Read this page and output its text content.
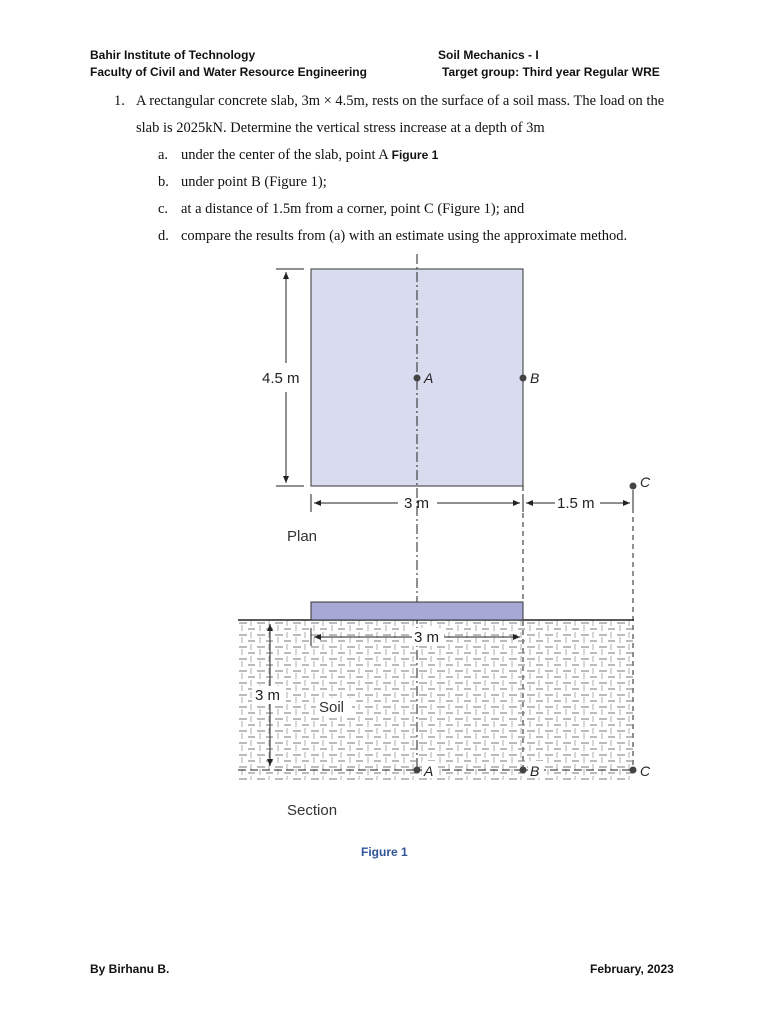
Bahir Institute of Technology
Faculty of Civil and Water Resource Engineering
Soil Mechanics - I
Target group: Third year Regular WRE
1. A rectangular concrete slab, 3m × 4.5m, rests on the surface of a soil mass. The load on the
slab is 2025kN. Determine the vertical stress increase at a depth of 3m
a. under the center of the slab, point A Figure 1
b. under point B (Figure 1);
c. at a distance of 1.5m from a corner, point C (Figure 1); and
d. compare the results from (a) with an estimate using the approximate method.
4.5 m	A	B
C
3 m	1.5 m
Plan
3 m
3 m
Soil
A	B	C
Section
Figure 1
By Birhanu B.	February, 2023
